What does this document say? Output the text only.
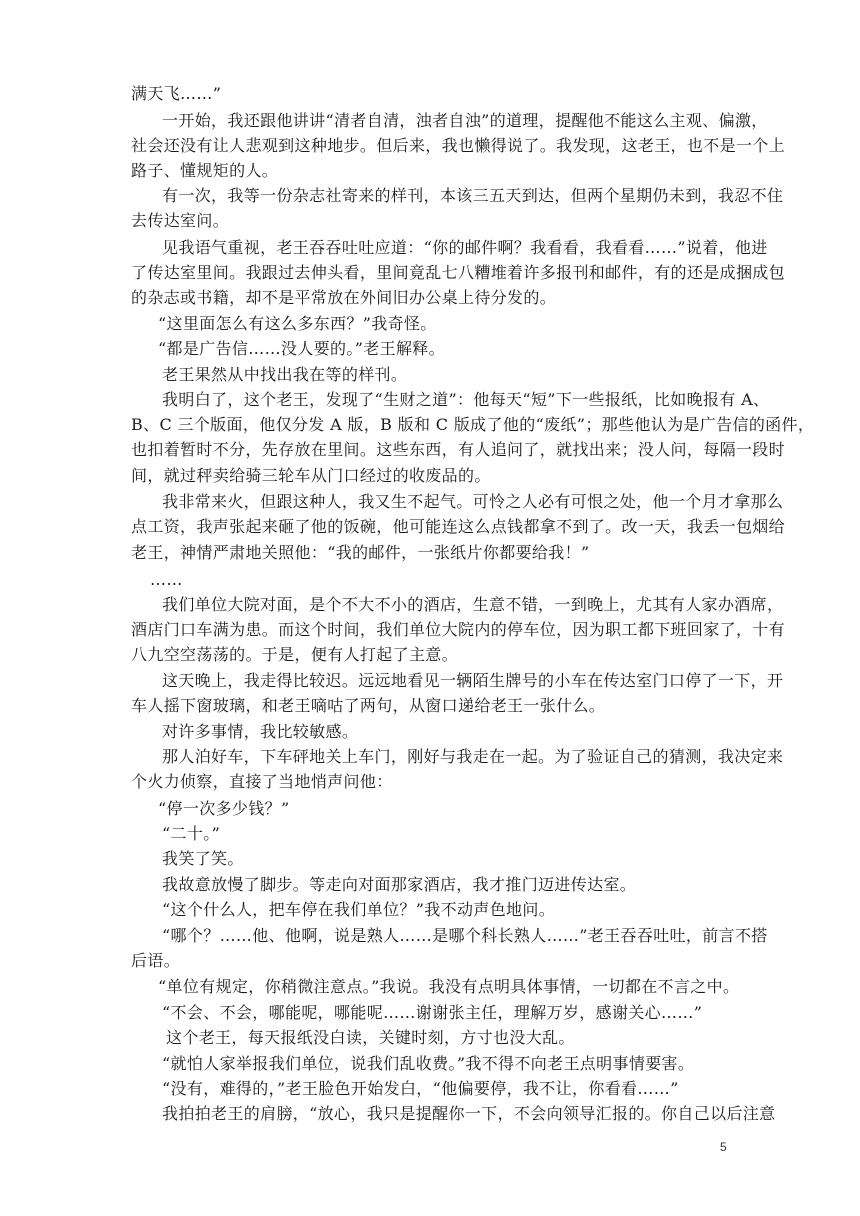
满天飞……”
一开始，我还跟他讲讲“清者自清，浊者自浊”的道理，提醒他不能这么主观、偏激，
社会还没有让人悲观到这种地步。但后来，我也懒得说了。我发现，这老王，也不是一个上
路子、懂规矩的人。
有一次，我等一份杂志社寄来的样刊，本该三五天到达，但两个星期仍未到，我忍不住
去传达室问。
见我语气重视，老王吞吞吐吐应道：“你的邮件啊？我看看，我看看……”说着，他进
了传达室里间。我跟过去伸头看，里间竟乱七八糟堆着许多报刊和邮件，有的还是成捆成包
的杂志或书籍，却不是平常放在外间旧办公桌上待分发的。
“这里面怎么有这么多东西？”我奇怪。
“都是广告信……没人要的。”老王解释。
老王果然从中找出我在等的样刊。
我明白了，这个老王，发现了“生财之道”：他每天“短”下一些报纸，比如晚报有 A、
B、C 三个版面，他仅分发 A 版，B 版和 C 版成了他的“废纸”；那些他认为是广告信的函件，
也扣着暂时不分，先存放在里间。这些东西，有人追问了，就找出来；没人问，每隔一段时
间，就过秤卖给骑三轮车从门口经过的收废品的。
我非常来火，但跟这种人，我又生不起气。可怜之人必有可恨之处，他一个月才拿那么
点工资，我声张起来砸了他的饭碗，他可能连这么点钱都拿不到了。改一天，我丢一包烟给
老王，神情严肃地关照他：“我的邮件，一张纸片你都要给我！”
……
我们单位大院对面，是个不大不小的酒店，生意不错，一到晚上，尤其有人家办酒席，
酒店门口车满为患。而这个时间，我们单位大院内的停车位，因为职工都下班回家了，十有
八九空空荡荡的。于是，便有人打起了主意。
这天晚上，我走得比较迟。远远地看见一辆陌生牌号的小车在传达室门口停了一下，开
车人摇下窗玻璃，和老王嘀咕了两句，从窗口递给老王一张什么。
对许多事情，我比较敏感。
那人泊好车，下车砰地关上车门，刚好与我走在一起。为了验证自己的猜测，我决定来
个火力侦察，直接了当地悄声问他：
“停一次多少钱？”
“二十。”
我笑了笑。
我故意放慢了脚步。等走向对面那家酒店，我才推门迈进传达室。
“这个什么人，把车停在我们单位？”我不动声色地问。
“哪个？……他、他啊，说是熟人……是哪个科长熟人……”老王吞吞吐吐，前言不搭
后语。
“单位有规定，你稍微注意点。”我说。我没有点明具体事情，一切都在不言之中。
“不会、不会，哪能呢，哪能呢……谢谢张主任，理解万岁，感谢关心……”
这个老王，每天报纸没白读，关键时刻，方寸也没大乱。
“就怕人家举报我们单位，说我们乱收费。”我不得不向老王点明事情要害。
“没有，难得的，”老王脸色开始发白，“他偏要停，我不让，你看看……”
我拍拍老王的肩膀，“放心，我只是提醒你一下，不会向领导汇报的。你自己以后注意
5
